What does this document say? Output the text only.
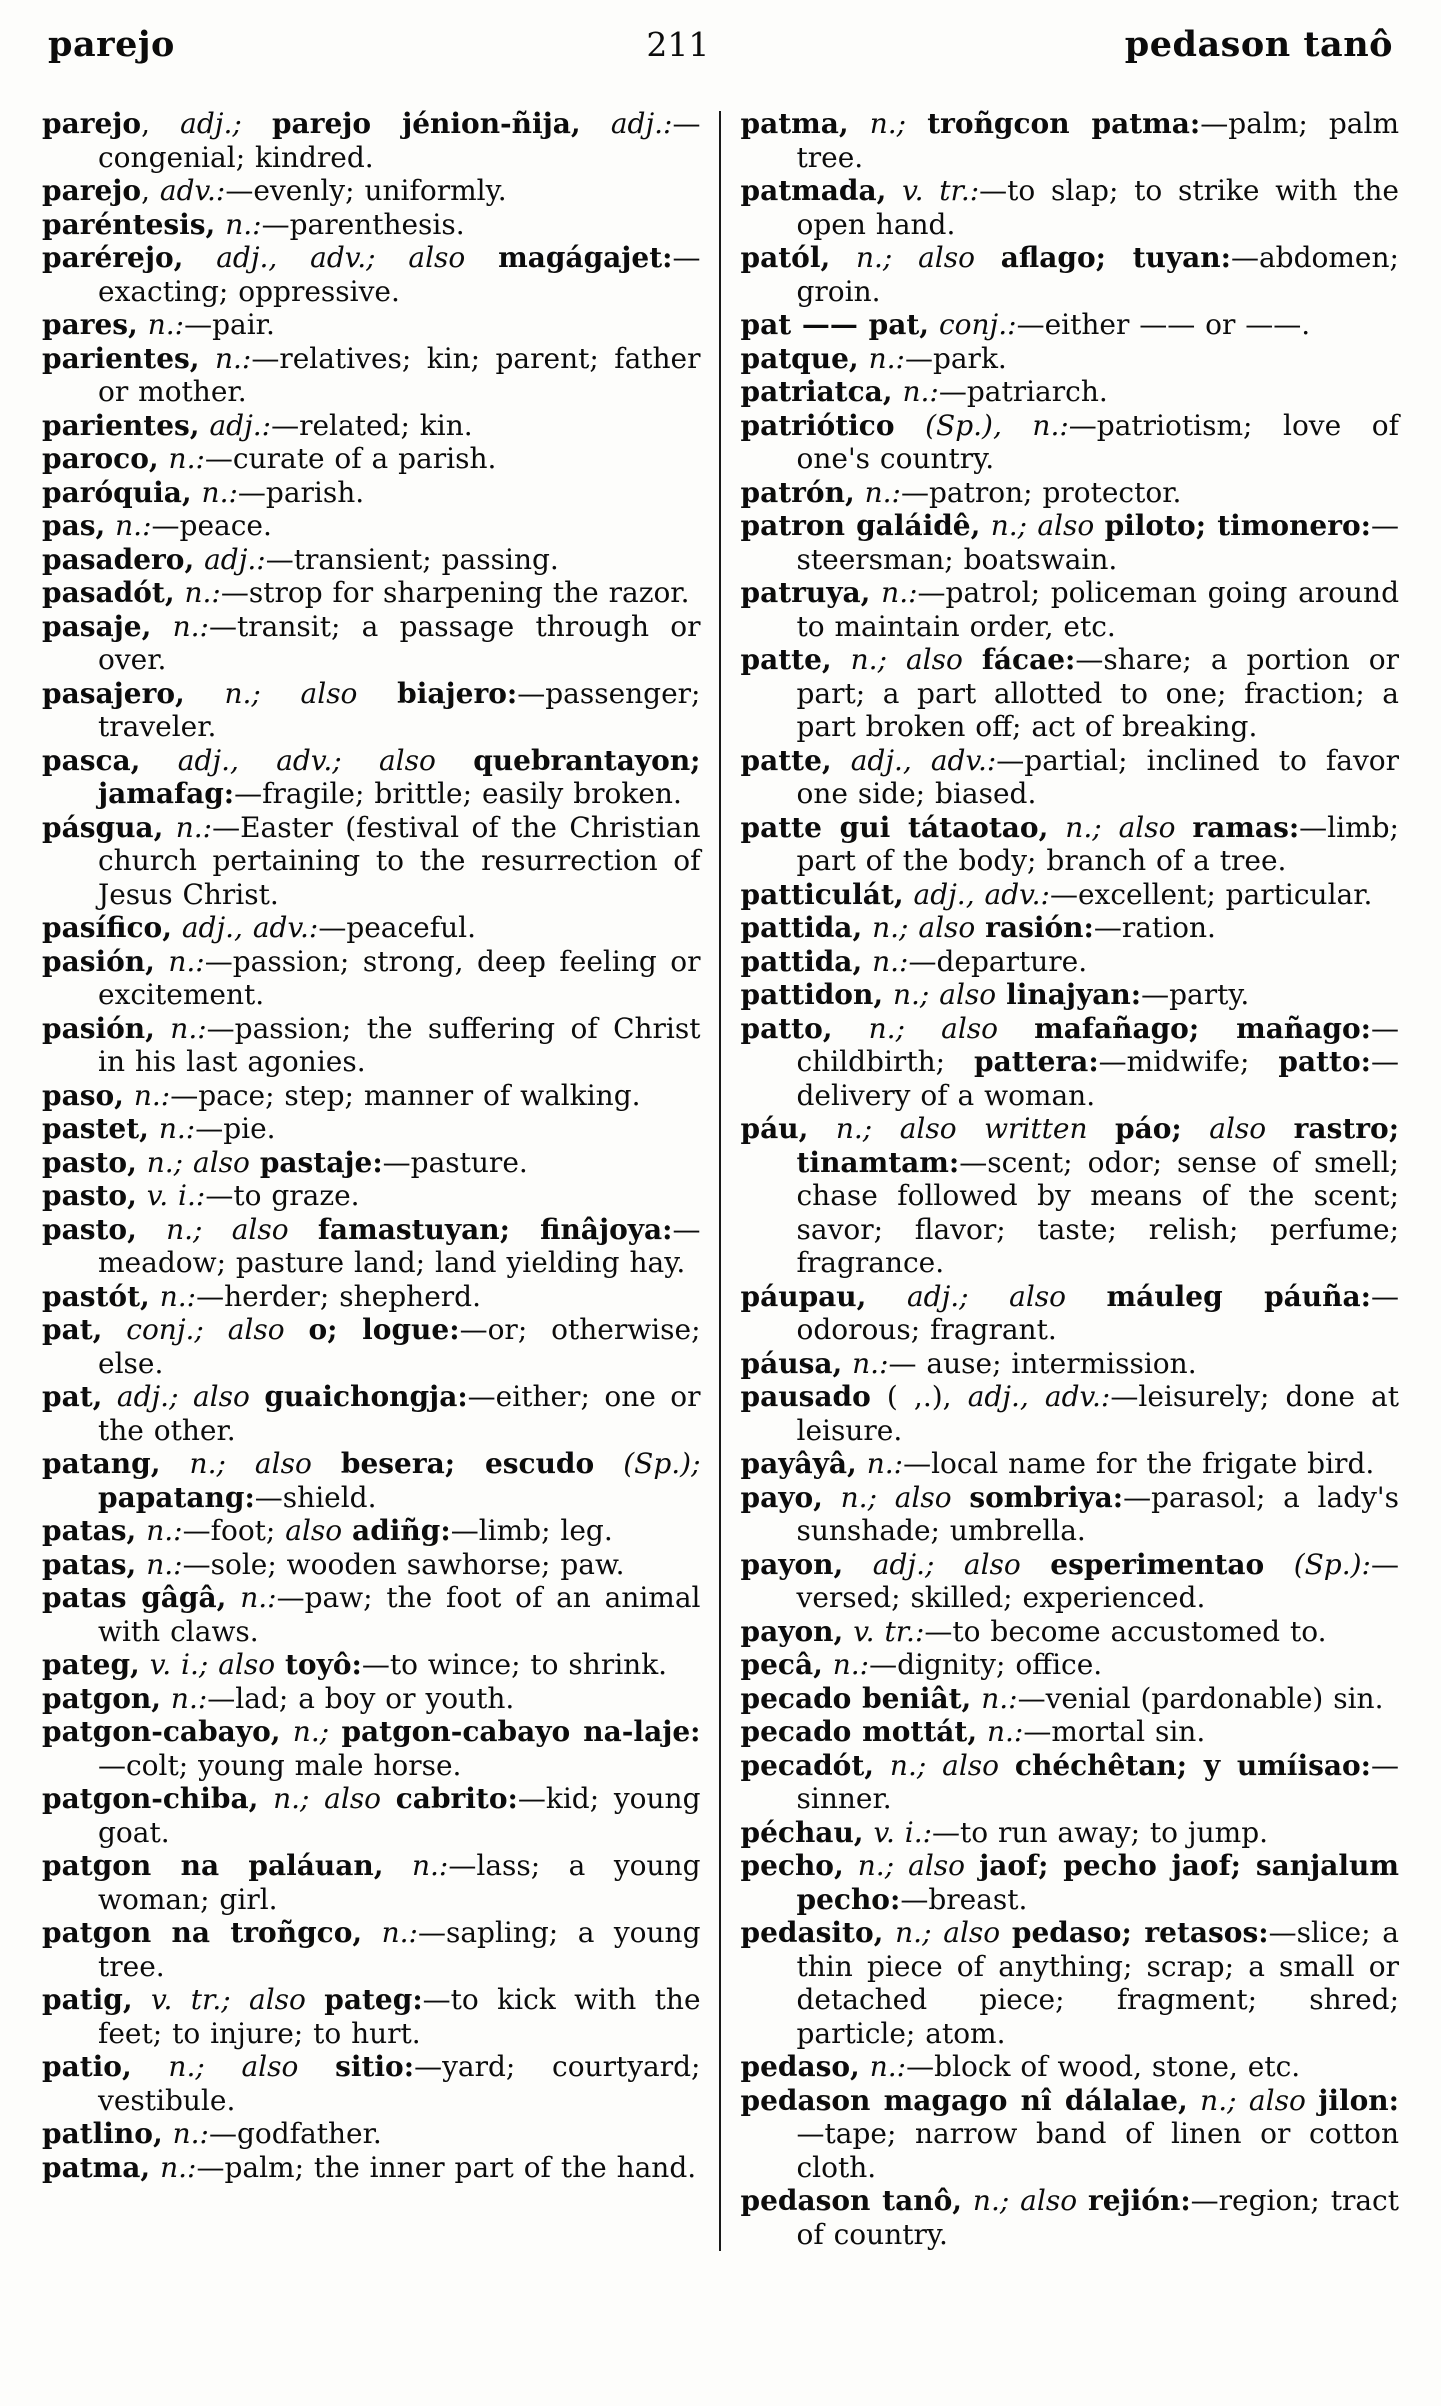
parejo	211	pedason tanô

parejo, adj.; parejo jénion-ñija, adj.:—congenial; kindred.

parejo, adv.:—evenly; uniformly.

paréntesis, n.:—parenthesis.

parérejo, adj., adv.; also magágajet:—exacting; oppressive.

pares, n.:—pair.

parientes, n.:—relatives; kin; parent; father or mother.

parientes, adj.:—related; kin.

paroco, n.:—curate of a parish.

paróquia, n.:—parish.

pas, n.:—peace.

pasadero, adj.:—transient; passing.

pasadót, n.:—strop for sharpening the razor.

pasaje, n.:—transit; a passage through or over.

pasajero, n.; also biajero:—passenger; traveler.

pasca, adj., adv.; also quebrantayon; jamafag:—fragile; brittle; easily broken.

pásgua, n.:—Easter (festival of the Christian church pertaining to the resurrection of Jesus Christ.

pasífico, adj., adv.:—peaceful.

pasión, n.:—passion; strong, deep feeling or excitement.

pasión, n.:—passion; the suffering of Christ in his last agonies.

paso, n.:—pace; step; manner of walking.

pastet, n.:—pie.

pasto, n.; also pastaje:—pasture.

pasto, v. i.:—to graze.

pasto, n.; also famastuyan; finâjoya:—meadow; pasture land; land yielding hay.

pastót, n.:—herder; shepherd.

pat, conj.; also o; logue:—or; otherwise; else.

pat, adj.; also guaichongja:—either; one or the other.

patang, n.; also besera; escudo (Sp.); papatang:—shield.

patas, n.:—foot; also adiñg:—limb; leg.

patas, n.:—sole; wooden sawhorse; paw.

patas gâgâ, n.:—paw; the foot of an animal with claws.

pateg, v. i.; also toyô:—to wince; to shrink.

patgon, n.:—lad; a boy or youth.

patgon-cabayo, n.; patgon-cabayo na-laje:—colt; young male horse.

patgon-chiba, n.; also cabrito:—kid; young goat.

patgon na paláuan, n.:—lass; a young woman; girl.

patgon na troñgco, n.:—sapling; a young tree.

patig, v. tr.; also pateg:—to kick with the feet; to injure; to hurt.

patio, n.; also sitio:—yard; courtyard; vestibule.

patlino, n.:—godfather.

patma, n.:—palm; the inner part of the hand.

patma, n.; troñgcon patma:—palm; palm tree.

patmada, v. tr.:—to slap; to strike with the open hand.

patól, n.; also aflago; tuyan:—abdomen; groin.

pat —— pat, conj.:—either —— or ——.

patque, n.:—park.

patriatca, n.:—patriarch.

patriótico (Sp.), n.:—patriotism; love of one's country.

patrón, n.:—patron; protector.

patron galáidê, n.; also piloto; timonero:—steersman; boatswain.

patruya, n.:—patrol; policeman going around to maintain order, etc.

patte, n.; also fácae:—share; a portion or part; a part allotted to one; fraction; a part broken off; act of breaking.

patte, adj., adv.:—partial; inclined to favor one side; biased.

patte gui tátaotao, n.; also ramas:—limb; part of the body; branch of a tree.

patticulát, adj., adv.:—excellent; particular.

pattida, n.; also rasión:—ration.

pattida, n.:—departure.

pattidon, n.; also linajyan:—party.

patto, n.; also mafañago; mañago:—childbirth; pattera:—midwife; patto:—delivery of a woman.

páu, n.; also written páo; also rastro; tinamtam:—scent; odor; sense of smell; chase followed by means of the scent; savor; flavor; taste; relish; perfume; fragrance.

páupau, adj.; also máuleg páuña:—odorous; fragrant.

páusa, n.:— ause; intermission.

pausado ( ,.), adj., adv.:—leisurely; done at leisure.

payâyâ, n.:—local name for the frigate bird.

payo, n.; also sombriya:—parasol; a lady's sunshade; umbrella.

payon, adj.; also esperimentao (Sp.):—versed; skilled; experienced.

payon, v. tr.:—to become accustomed to.

pecâ, n.:—dignity; office.

pecado beniât, n.:—venial (pardonable) sin.

pecado mottát, n.:—mortal sin.

pecadót, n.; also chéchêtan; y umíisao:—sinner.

péchau, v. i.:—to run away; to jump.

pecho, n.; also jaof; pecho jaof; sanjalum pecho:—breast.

pedasito, n.; also pedaso; retasos:—slice; a thin piece of anything; scrap; a small or detached piece; fragment; shred; particle; atom.

pedaso, n.:—block of wood, stone, etc.

pedason magago nî dálalae, n.; also jilon:—tape; narrow band of linen or cotton cloth.

pedason tanô, n.; also rejión:—region; tract of country.
